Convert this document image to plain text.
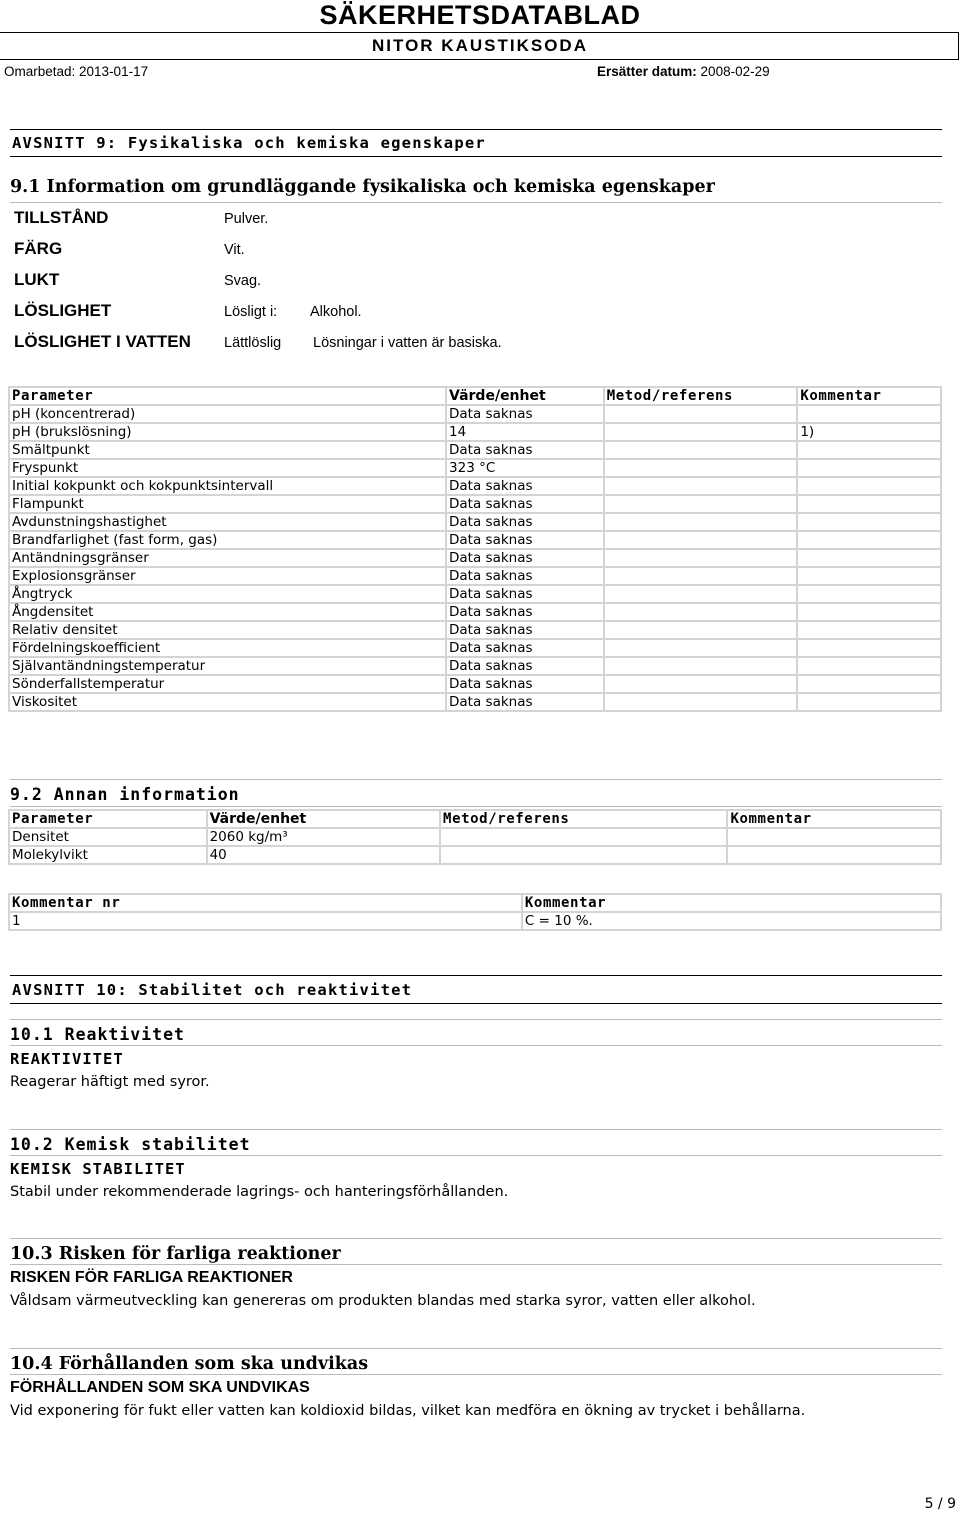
SÄKERHETSDATABLAD
NITOR KAUSTIKSODA
Omarbetad: 2013-01-17	Ersätter datum: 2008-02-29
AVSNITT 9: Fysikaliska och kemiska egenskaper
9.1 Information om grundläggande fysikaliska och kemiska egenskaper
TILLSTÅND	Pulver.
FÄRG	Vit.
LUKT	Svag.
LÖSLIGHET	Lösligt i: Alkohol.
LÖSLIGHET I VATTEN Lättlöslig Lösningar i vatten är basiska.
Parameter	Värde/enhet	Metod/referens	Kommentar
pH (koncentrerad)	Data saknas		
pH (brukslösning)	14		1)
Smältpunkt	Data saknas		
Fryspunkt	323 °C		
Initial kokpunkt och kokpunktsintervall	Data saknas		
Flampunkt	Data saknas		
Avdunstningshastighet	Data saknas		
Brandfarlighet (fast form, gas)	Data saknas		
Antändningsgränser	Data saknas		
Explosionsgränser	Data saknas		
Ångtryck	Data saknas		
Ångdensitet	Data saknas		
Relativ densitet	Data saknas		
Fördelningskoefficient	Data saknas		
Självantändningstemperatur	Data saknas		
Sönderfallstemperatur	Data saknas		
Viskositet	Data saknas		
9.2 Annan information
Parameter	Värde/enhet	Metod/referens	Kommentar
Densitet	2060 kg/m³		
Molekylvikt	40		
Kommentar nr	Kommentar
1	C = 10 %.
AVSNITT 10: Stabilitet och reaktivitet
10.1 Reaktivitet
REAKTIVITET
Reagerar häftigt med syror.
10.2 Kemisk stabilitet
KEMISK STABILITET
Stabil under rekommenderade lagrings- och hanteringsförhållanden.
10.3 Risken för farliga reaktioner
RISKEN FÖR FARLIGA REAKTIONER
Våldsam värmeutveckling kan genereras om produkten blandas med starka syror, vatten eller alkohol.
10.4 Förhållanden som ska undvikas
FÖRHÅLLANDEN SOM SKA UNDVIKAS
Vid exponering för fukt eller vatten kan koldioxid bildas, vilket kan medföra en ökning av trycket i behållarna.
5 / 9
